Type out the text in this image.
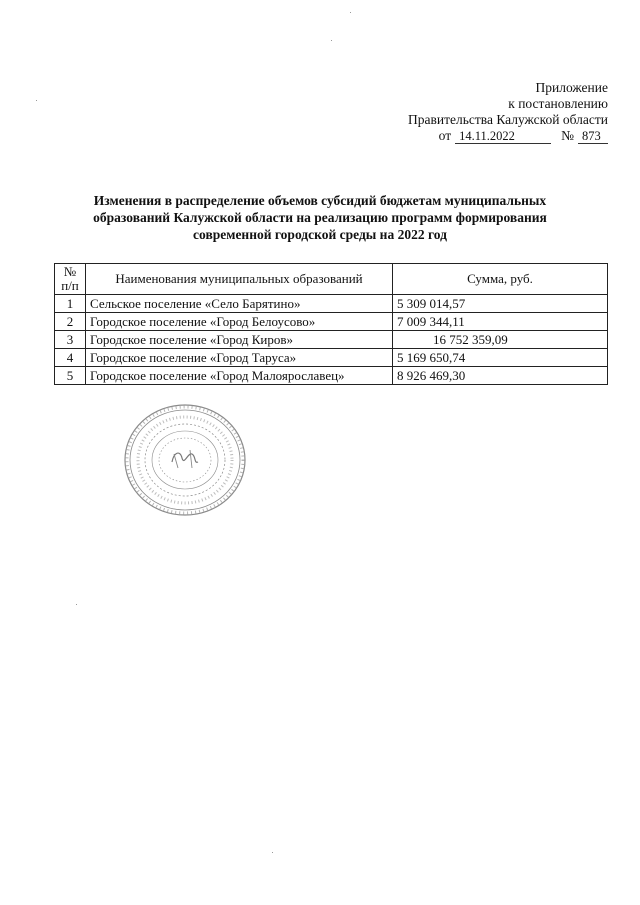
Приложение
к постановлению
Правительства Калужской области
от 14.11.2022	№ 873
Изменения в распределение объемов субсидий бюджетам муниципальных образований Калужской области на реализацию программ формирования современной городской среды на 2022 год
№ п/п	Наименования муниципальных образований	Сумма, руб.
1	Сельское поселение «Село Барятино»	5 309 014,57
2	Городское поселение «Город Белоусово»	7 009 344,11
3	Городское поселение «Город Киров»	16 752 359,09
4	Городское поселение «Город Таруса»	5 169 650,74
5	Городское поселение «Город Малоярославец»	8 926 469,30
